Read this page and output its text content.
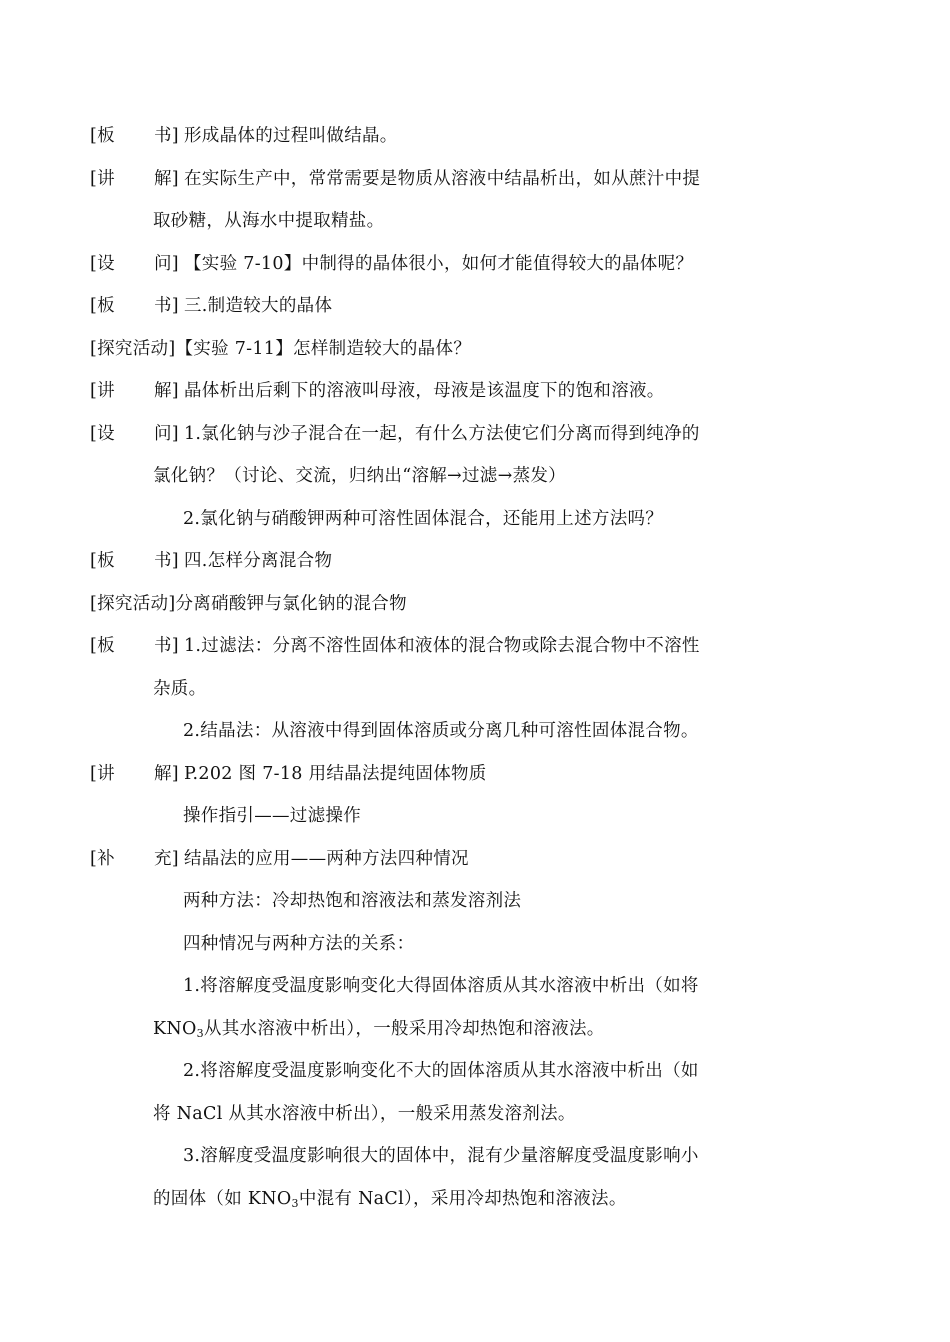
[板 书] 形成晶体的过程叫做结晶。
[讲 解] 在实际生产中，常常需要是物质从溶液中结晶析出，如从蔗汁中提
取砂糖，从海水中提取精盐。
[设 问] 【实验 7-10】中制得的晶体很小，如何才能值得较大的晶体呢？
[板 书] 三.制造较大的晶体
[探究活动]【实验 7-11】怎样制造较大的晶体？
[讲 解] 晶体析出后剩下的溶液叫母液，母液是该温度下的饱和溶液。
[设 问] 1.氯化钠与沙子混合在一起，有什么方法使它们分离而得到纯净的
氯化钠？（讨论、交流，归纳出“溶解→过滤→蒸发）
2.氯化钠与硝酸钾两种可溶性固体混合，还能用上述方法吗？
[板 书] 四.怎样分离混合物
[探究活动]分离硝酸钾与氯化钠的混合物
[板 书] 1.过滤法：分离不溶性固体和液体的混合物或除去混合物中不溶性
杂质。
2.结晶法：从溶液中得到固体溶质或分离几种可溶性固体混合物。
[讲 解] P.202 图 7-18 用结晶法提纯固体物质
操作指引——过滤操作
[补 充] 结晶法的应用——两种方法四种情况
两种方法：冷却热饱和溶液法和蒸发溶剂法
四种情况与两种方法的关系：
1.将溶解度受温度影响变化大得固体溶质从其水溶液中析出（如将
$KNO_3$从其水溶液中析出），一般采用冷却热饱和溶液法。
2.将溶解度受温度影响变化不大的固体溶质从其水溶液中析出（如
将 NaCl 从其水溶液中析出），一般采用蒸发溶剂法。
3.溶解度受温度影响很大的固体中，混有少量溶解度受温度影响小
的固体（如 $KNO_3$中混有 NaCl），采用冷却热饱和溶液法。
